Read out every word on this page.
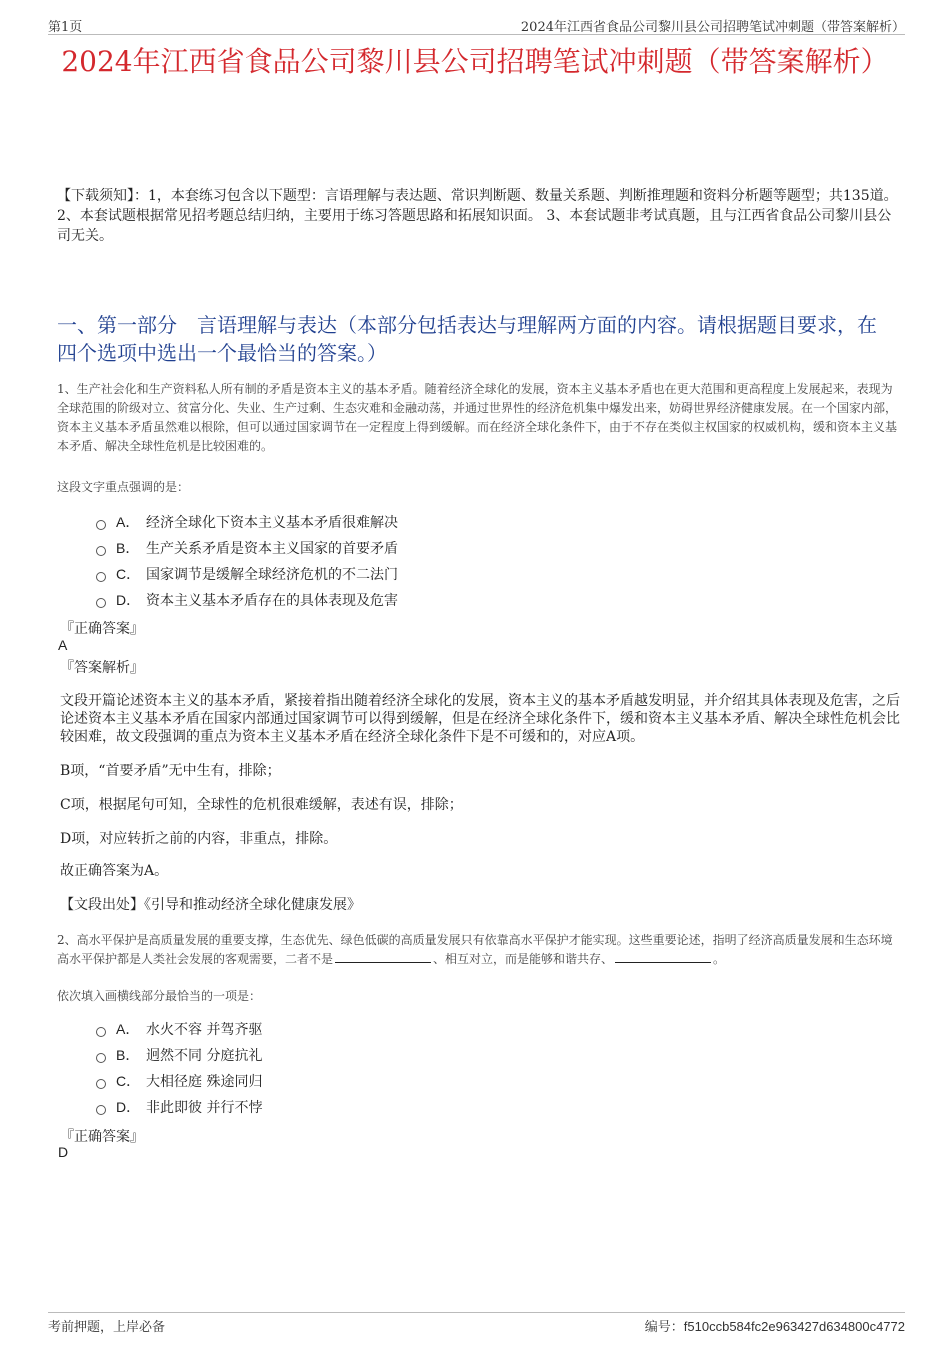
第1页	2024年江西省食品公司黎川县公司招聘笔试冲刺题（带答案解析）
2024年江西省食品公司黎川县公司招聘笔试冲刺题（带答案解析）
【下载须知】：1，本套练习包含以下题型：言语理解与表达题、常识判断题、数量关系题、判断推理题和资料分析题等题型；共135道。 2、本套试题根据常见招考题总结归纳，主要用于练习答题思路和拓展知识面。 3、本套试题非考试真题，且与江西省食品公司黎川县公司无关。
一、第一部分　言语理解与表达（本部分包括表达与理解两方面的内容。请根据题目要求，在四个选项中选出一个最恰当的答案。）
1、生产社会化和生产资料私人所有制的矛盾是资本主义的基本矛盾。随着经济全球化的发展，资本主义基本矛盾也在更大范围和更高程度上发展起来，表现为全球范围的阶级对立、贫富分化、失业、生产过剩、生态灾难和金融动荡，并通过世界性的经济危机集中爆发出来，妨碍世界经济健康发展。在一个国家内部，资本主义基本矛盾虽然难以根除，但可以通过国家调节在一定程度上得到缓解。而在经济全球化条件下，由于不存在类似主权国家的权威机构，缓和资本主义基本矛盾、解决全球性危机是比较困难的。
这段文字重点强调的是：
A． 经济全球化下资本主义基本矛盾很难解决
B． 生产关系矛盾是资本主义国家的首要矛盾
C． 国家调节是缓解全球经济危机的不二法门
D． 资本主义基本矛盾存在的具体表现及危害
『正确答案』
A
『答案解析』
文段开篇论述资本主义的基本矛盾，紧接着指出随着经济全球化的发展，资本主义的基本矛盾越发明显，并介绍其具体表现及危害，之后论述资本主义基本矛盾在国家内部通过国家调节可以得到缓解，但是在经济全球化条件下，缓和资本主义基本矛盾、解决全球性危机会比较困难，故文段强调的重点为资本主义基本矛盾在经济全球化条件下是不可缓和的，对应A项。
B项，“首要矛盾”无中生有，排除；
C项，根据尾句可知，全球性的危机很难缓解，表述有误，排除；
D项，对应转折之前的内容，非重点，排除。
故正确答案为A。
【文段出处】《引导和推动经济全球化健康发展》
2、高水平保护是高质量发展的重要支撑，生态优先、绿色低碳的高质量发展只有依靠高水平保护才能实现。这些重要论述，指明了经济高质量发展和生态环境高水平保护都是人类社会发展的客观需要，二者不是	、相互对立，而是能够和谐共存、	。
依次填入画横线部分最恰当的一项是：
A． 水火不容 并驾齐驱
B． 迥然不同 分庭抗礼
C． 大相径庭 殊途同归
D． 非此即彼 并行不悖
『正确答案』
D
考前押题，上岸必备	编号：f510ccb584fc2e963427d634800c4772
